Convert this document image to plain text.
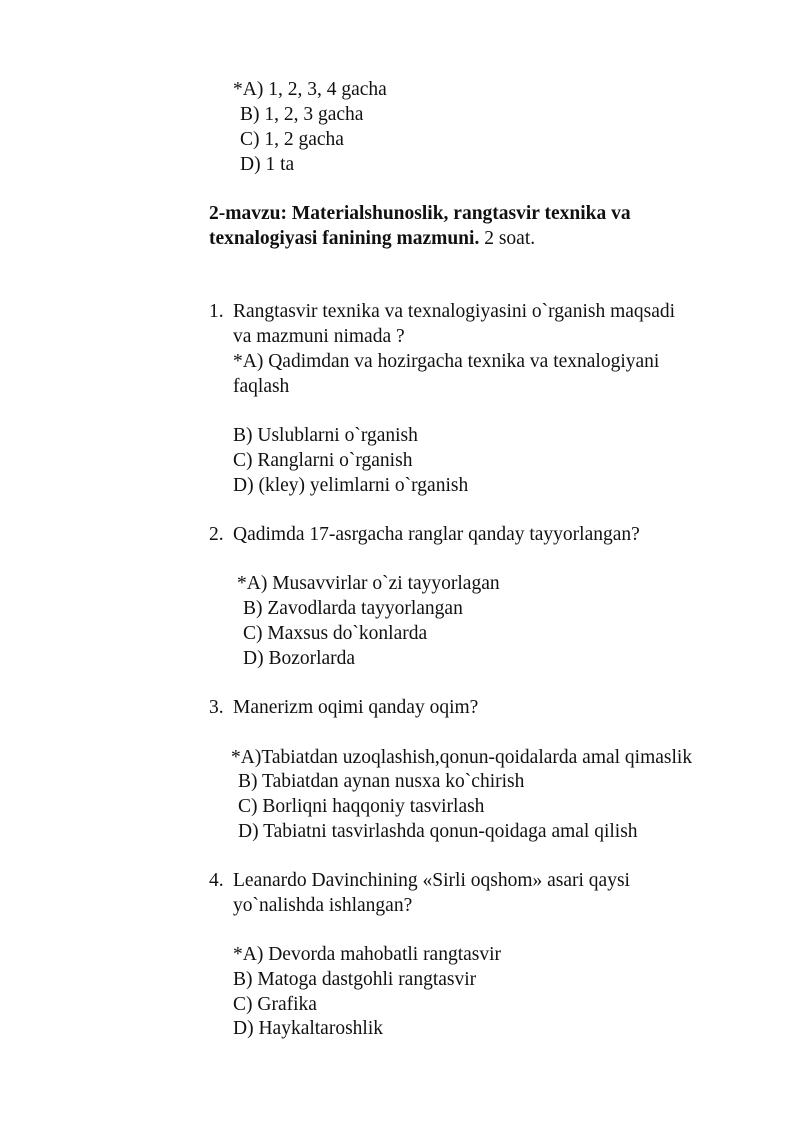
*A) 1, 2, 3, 4 gacha
B) 1, 2, 3 gacha
C) 1, 2 gacha
D) 1 ta
2-mavzu: Materialshunoslik, rangtasvir texnika va
texnalogiyasi fanining mazmuni. 2 soat.
1. Rangtasvir texnika va texnalogiyasini o`rganish maqsadi
va mazmuni nimada ?
*A) Qadimdan va hozirgacha texnika va texnalogiyani
faqlash
B) Uslublarni o`rganish
C) Ranglarni o`rganish
D) (kley) yelimlarni o`rganish
2. Qadimda 17-asrgacha ranglar qanday tayyorlangan?
*A) Musavvirlar o`zi tayyorlagan
B) Zavodlarda tayyorlangan
C) Maxsus do`konlarda
D) Bozorlarda
3. Manerizm oqimi qanday oqim?
*A)Tabiatdan uzoqlashish,qonun-qoidalarda amal qimaslik
B) Tabiatdan aynan nusxa ko`chirish
C) Borliqni haqqoniy tasvirlash
D) Tabiatni tasvirlashda qonun-qoidaga amal qilish
4. Leanardo Davinchining «Sirli oqshom» asari qaysi
yo`nalishda ishlangan?
*A) Devorda mahobatli rangtasvir
B) Matoga dastgohli rangtasvir
C) Grafika
D) Haykaltaroshlik
